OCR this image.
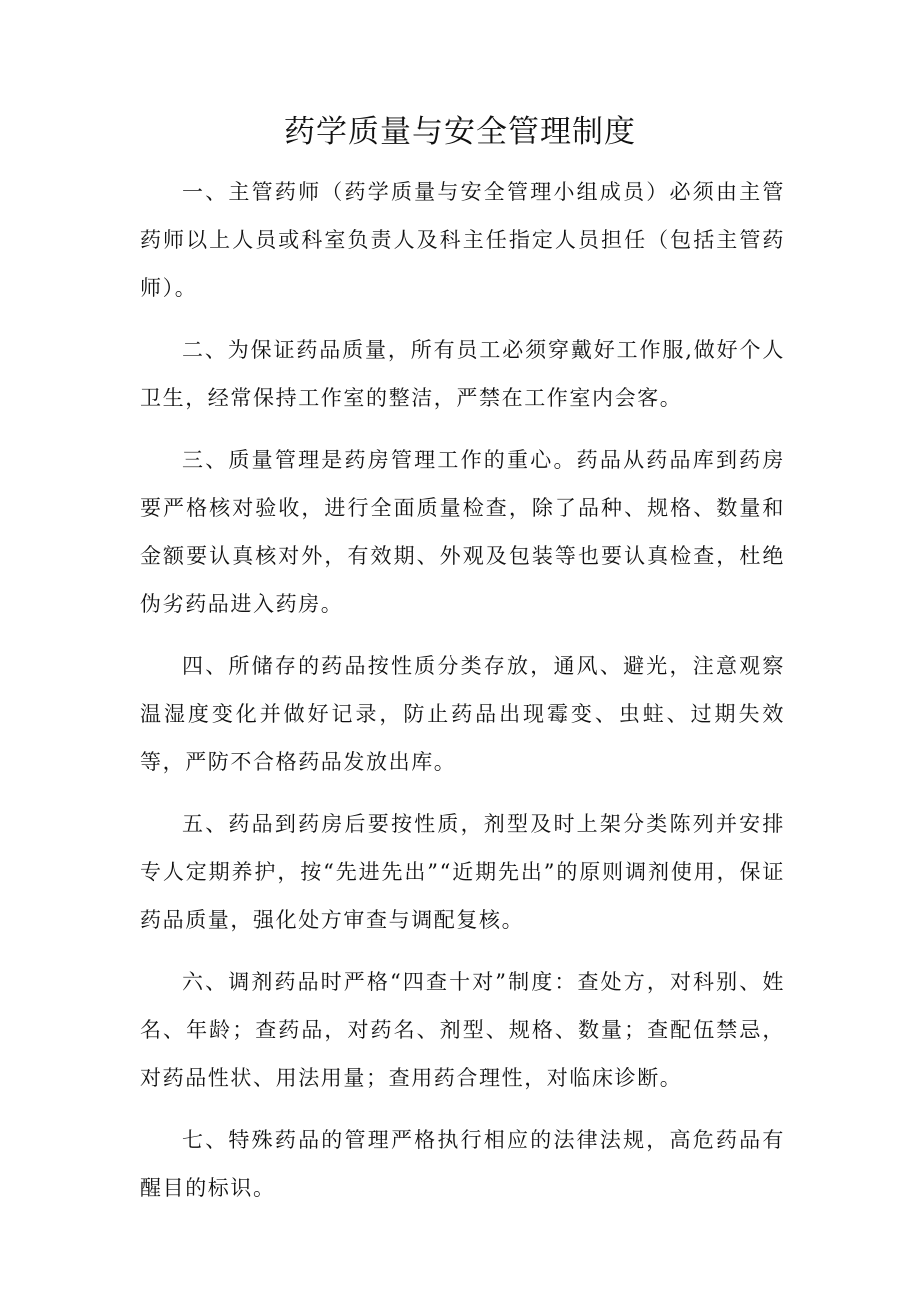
药学质量与安全管理制度

一、主管药师（药学质量与安全管理小组成员）必须由主管药师以上人员或科室负责人及科主任指定人员担任（包括主管药师）。

二、为保证药品质量，所有员工必须穿戴好工作服,做好个人卫生，经常保持工作室的整洁，严禁在工作室内会客。

三、质量管理是药房管理工作的重心。药品从药品库到药房要严格核对验收，进行全面质量检查，除了品种、规格、数量和金额要认真核对外，有效期、外观及包装等也要认真检查，杜绝伪劣药品进入药房。

四、所储存的药品按性质分类存放，通风、避光，注意观察温湿度变化并做好记录，防止药品出现霉变、虫蛀、过期失效等，严防不合格药品发放出库。

五、药品到药房后要按性质，剂型及时上架分类陈列并安排专人定期养护，按“先进先出”“近期先出”的原则调剂使用，保证药品质量，强化处方审查与调配复核。

六、调剂药品时严格“四查十对”制度：查处方，对科别、姓名、年龄；查药品，对药名、剂型、规格、数量；查配伍禁忌，对药品性状、用法用量；查用药合理性，对临床诊断。

七、特殊药品的管理严格执行相应的法律法规，高危药品有醒目的标识。
